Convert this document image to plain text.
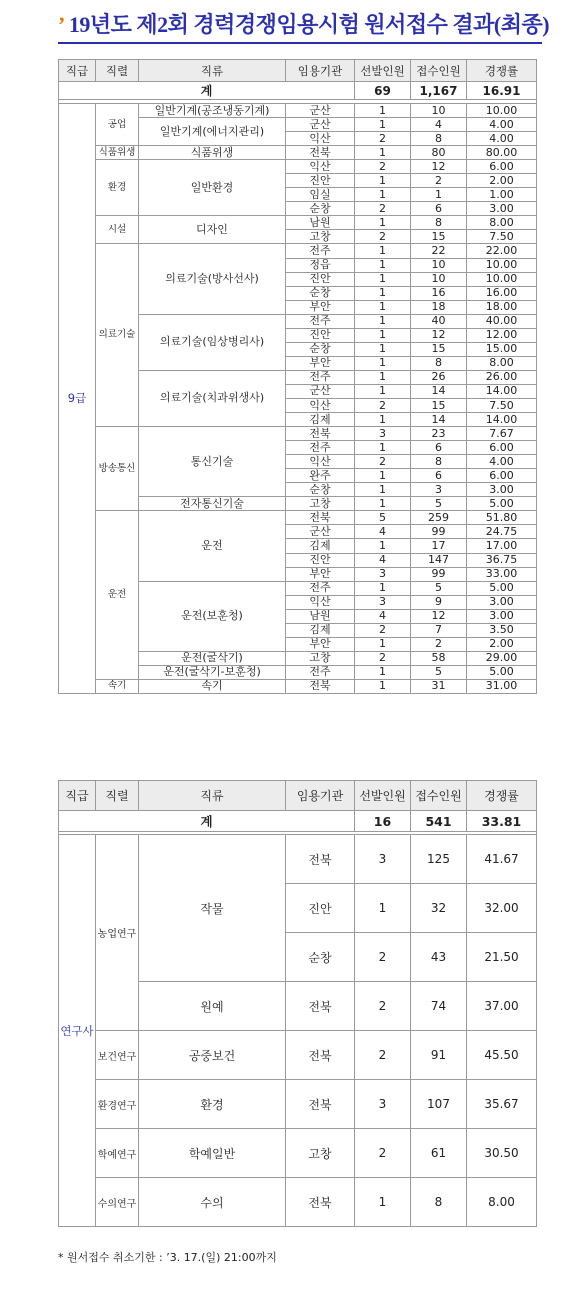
’ 19년도 제2회 경력경쟁임용시험 원서접수 결과(최종)
직급	직렬	직류	임용기관	선발인원	접수인원	경쟁률
계				69	1,167	16.91

9급	공업	일반기계(공조냉동기계)	군산	1	10	10.00
		일반기계(에너지관리)	군산	1	4	4.00
			익산	2	8	4.00
	식품위생	식품위생	전북	1	80	80.00
	환경	일반환경	익산	2	12	6.00
			진안	1	2	2.00
			임실	1	1	1.00
			순창	2	6	3.00
	시설	디자인	남원	1	8	8.00
			고창	2	15	7.50
	의료기술	의료기술(방사선사)	전주	1	22	22.00
			정읍	1	10	10.00
			진안	1	10	10.00
			순창	1	16	16.00
			부안	1	18	18.00
		의료기술(임상병리사)	전주	1	40	40.00
			진안	1	12	12.00
			순창	1	15	15.00
			부안	1	8	8.00
		의료기술(치과위생사)	전주	1	26	26.00
			군산	1	14	14.00
			익산	2	15	7.50
			김제	1	14	14.00
	방송통신	통신기술	전북	3	23	7.67
			전주	1	6	6.00
			익산	2	8	4.00
			완주	1	6	6.00
			순창	1	3	3.00
		전자통신기술	고창	1	5	5.00
	운전	운전	전북	5	259	51.80
			군산	4	99	24.75
			김제	1	17	17.00
			진안	4	147	36.75
			부안	3	99	33.00
		운전(보훈청)	전주	1	5	5.00
			익산	3	9	3.00
			남원	4	12	3.00
			김제	2	7	3.50
			부안	1	2	2.00
		운전(굴삭기)	고창	2	58	29.00
		운전(굴삭기-보훈청)	전주	1	5	5.00
	속기	속기	전북	1	31	31.00
직급	직렬	직류	임용기관	선발인원	접수인원	경쟁률
계				16	541	33.81

연구사	농업연구	작물	전북	3	125	41.67
			진안	1	32	32.00
			순창	2	43	21.50
		원예	전북	2	74	37.00
	보건연구	공중보건	전북	2	91	45.50
	환경연구	환경	전북	3	107	35.67
	학예연구	학예일반	고창	2	61	30.50
	수의연구	수의	전북	1	8	8.00
* 원서접수 취소기한 : ’3. 17.(일) 21:00까지
